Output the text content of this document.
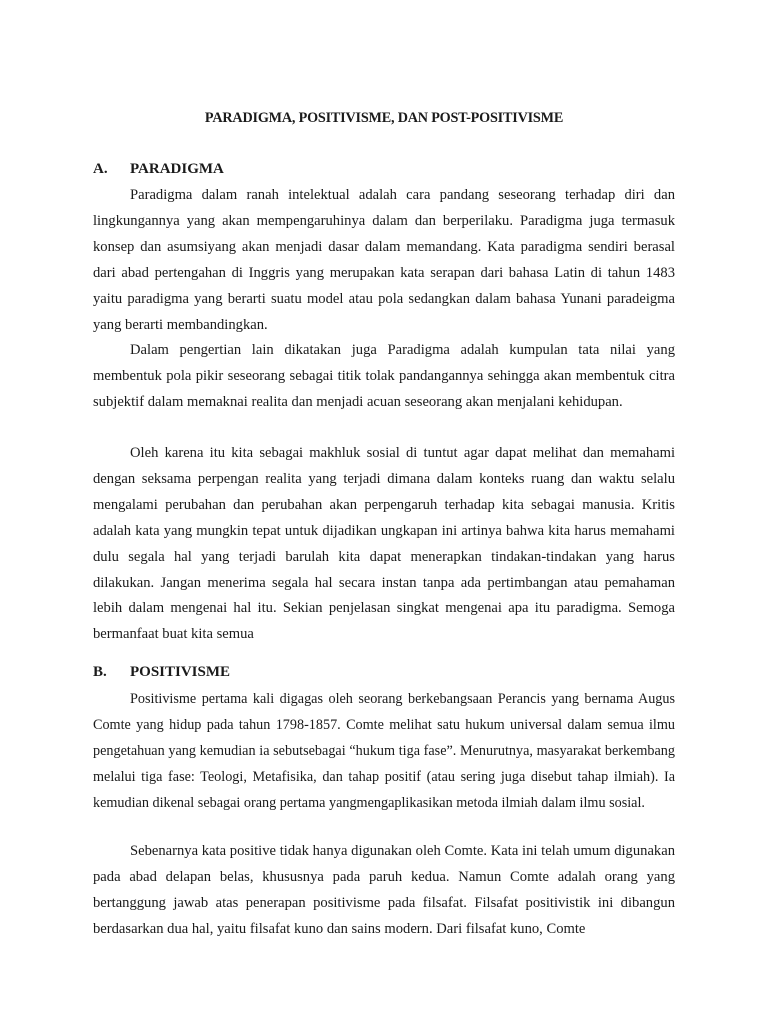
PARADIGMA, POSITIVISME, DAN POST-POSITIVISME
A. PARADIGMA

Paradigma dalam ranah intelektual adalah cara pandang seseorang terhadap diri dan lingkungannya yang akan mempengaruhinya dalam dan berperilaku. Paradigma juga termasuk konsep dan asumsiyang akan menjadi dasar dalam memandang. Kata paradigma sendiri berasal dari abad pertengahan di Inggris yang merupakan kata serapan dari bahasa Latin di tahun 1483 yaitu paradigma yang berarti suatu model atau pola sedangkan dalam bahasa Yunani paradeigma yang berarti membandingkan.

Dalam pengertian lain dikatakan juga Paradigma adalah kumpulan tata nilai yang membentuk pola pikir seseorang sebagai titik tolak pandangannya sehingga akan membentuk citra subjektif dalam memaknai realita dan menjadi acuan seseorang akan menjalani kehidupan.

Oleh karena itu kita sebagai makhluk sosial di tuntut agar dapat melihat dan memahami dengan seksama perpengan realita yang terjadi dimana dalam konteks ruang dan waktu selalu mengalami perubahan dan perubahan akan perpengaruh terhadap kita sebagai manusia. Kritis adalah kata yang mungkin tepat untuk dijadikan ungkapan ini artinya bahwa kita harus memahami dulu segala hal yang terjadi barulah kita dapat menerapkan tindakan-tindakan yang harus dilakukan. Jangan menerima segala hal secara instan tanpa ada pertimbangan atau pemahaman lebih dalam mengenai hal itu. Sekian penjelasan singkat mengenai apa itu paradigma. Semoga bermanfaat buat kita semua

B. POSITIVISME

Positivisme pertama kali digagas oleh seorang berkebangsaan Perancis yang bernama Augus Comte yang hidup pada tahun 1798-1857. Comte melihat satu hukum universal dalam semua ilmu pengetahuan yang kemudian ia sebutsebagai “hukum tiga fase”. Menurutnya, masyarakat berkembang melalui tiga fase: Teologi, Metafisika, dan tahap positif (atau sering juga disebut tahap ilmiah). Ia kemudian dikenal sebagai orang pertama yangmengaplikasikan metoda ilmiah dalam ilmu sosial.

Sebenarnya kata positive tidak hanya digunakan oleh Comte. Kata ini telah umum digunakan pada abad delapan belas, khususnya pada paruh kedua. Namun Comte adalah orang yang bertanggung jawab atas penerapan positivisme pada filsafat. Filsafat positivistik ini dibangun berdasarkan dua hal, yaitu filsafat kuno dan sains modern. Dari filsafat kuno, Comte
